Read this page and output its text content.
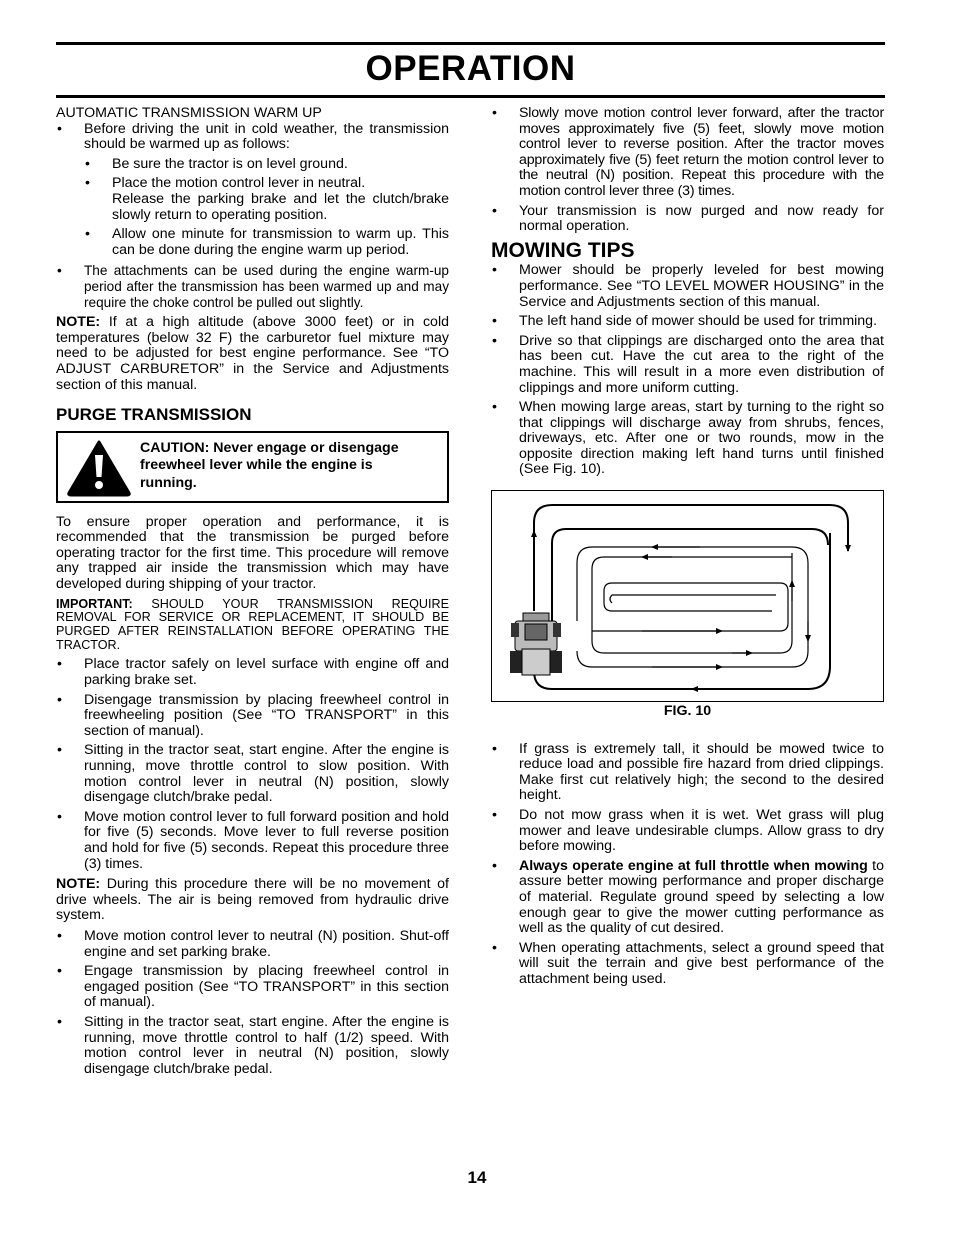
OPERATION
AUTOMATIC TRANSMISSION WARM UP
• Before driving the unit in cold weather, the transmission should be warmed up as follows:
• Be sure the tractor is on level ground.
• Place the motion control lever in neutral.
Release the parking brake and let the clutch/brake slowly return to operating position.
• Allow one minute for transmission to warm up. This can be done during the engine warm up period.
• The attachments can be used during the engine warm-up period after the transmission has been warmed up and may require the choke control be pulled out slightly.

NOTE: If at a high altitude (above 3000 feet) or in cold temperatures (below 32 F) the carburetor fuel mixture may need to be adjusted for best engine performance. See “TO ADJUST CARBURETOR” in the Service and Adjustments section of this manual.

PURGE TRANSMISSION
CAUTION: Never engage or disengage freewheel lever while the engine is running.

To ensure proper operation and performance, it is recommended that the transmission be purged before operating tractor for the first time. This procedure will remove any trapped air inside the transmission which may have developed during shipping of your tractor.

IMPORTANT: SHOULD YOUR TRANSMISSION REQUIRE REMOVAL FOR SERVICE OR REPLACEMENT, IT SHOULD BE PURGED AFTER REINSTALLATION BEFORE OPERATING THE TRACTOR.

• Place tractor safely on level surface with engine off and parking brake set.
• Disengage transmission by placing freewheel control in freewheeling position (See “TO TRANSPORT” in this section of manual).
• Sitting in the tractor seat, start engine. After the engine is running, move throttle control to slow position. With motion control lever in neutral (N) position, slowly disengage clutch/brake pedal.
• Move motion control lever to full forward position and hold for five (5) seconds. Move lever to full reverse position and hold for five (5) seconds. Repeat this procedure three (3) times.

NOTE: During this procedure there will be no movement of drive wheels. The air is being removed from hydraulic drive system.

• Move motion control lever to neutral (N) position. Shut-off engine and set parking brake.
• Engage transmission by placing freewheel control in engaged position (See “TO TRANSPORT” in this section of manual).
• Sitting in the tractor seat, start engine. After the engine is running, move throttle control to half (1/2) speed. With motion control lever in neutral (N) position, slowly disengage clutch/brake pedal.
• Slowly move motion control lever forward, after the tractor moves approximately five (5) feet, slowly move motion control lever to reverse position. After the tractor moves approximately five (5) feet return the motion control lever to the neutral (N) position. Repeat this procedure with the motion control lever three (3) times.
• Your transmission is now purged and now ready for normal operation.
MOWING TIPS
• Mower should be properly leveled for best mowing performance. See “TO LEVEL MOWER HOUSING” in the Service and Adjustments section of this manual.
• The left hand side of mower should be used for trimming.
• Drive so that clippings are discharged onto the area that has been cut. Have the cut area to the right of the machine. This will result in a more even distribution of clippings and more uniform cutting.
• When mowing large areas, start by turning to the right so that clippings will discharge away from shrubs, fences, driveways, etc. After one or two rounds, mow in the opposite direction making left hand turns until finished (See Fig. 10).
FIG. 10
• If grass is extremely tall, it should be mowed twice to reduce load and possible fire hazard from dried clippings. Make first cut relatively high; the second to the desired height.
• Do not mow grass when it is wet. Wet grass will plug mower and leave undesirable clumps. Allow grass to dry before mowing.
• Always operate engine at full throttle when mowing to assure better mowing performance and proper discharge of material. Regulate ground speed by selecting a low enough gear to give the mower cutting performance as well as the quality of cut desired.
• When operating attachments, select a ground speed that will suit the terrain and give best performance of the attachment being used.
14
